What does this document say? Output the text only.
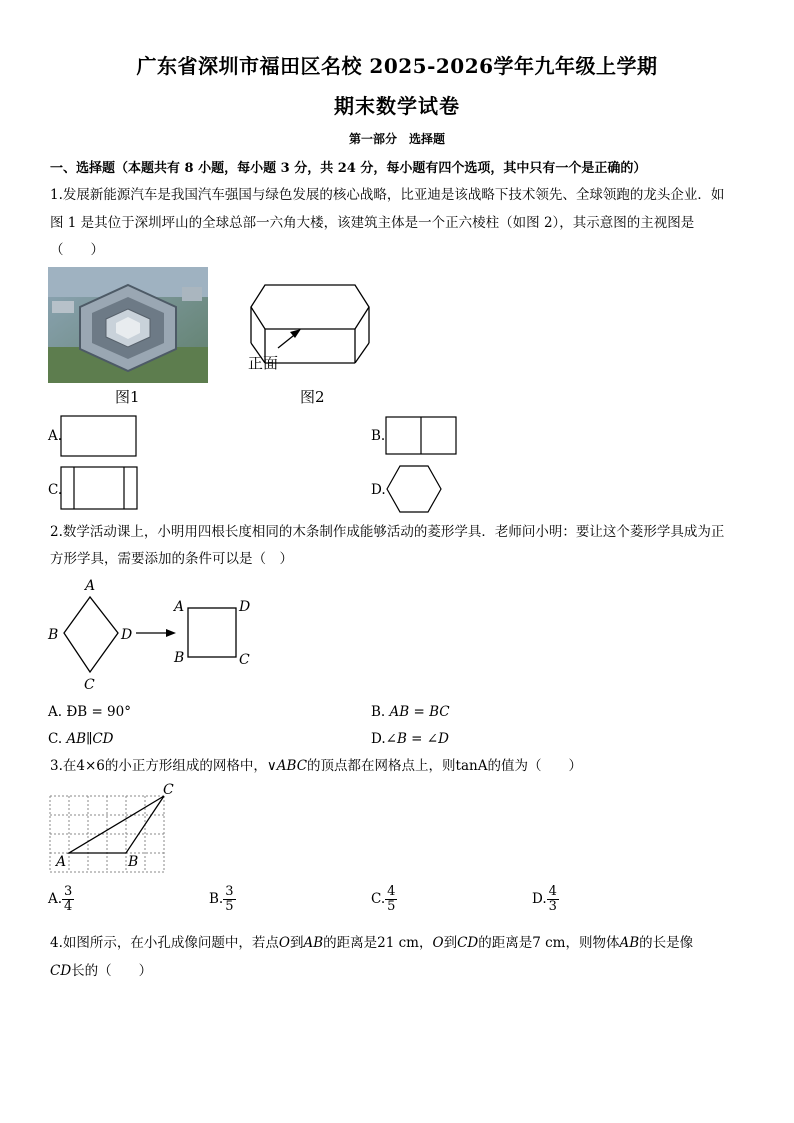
广东省深圳市福田区名校 2025-2026学年九年级上学期
期末数学试卷
第一部分　选择题
一、选择题（本题共有 8 小题，每小题 3 分，共 24 分，每小题有四个选项，其中只有一个是正确的）
1.发展新能源汽车是我国汽车强国与绿色发展的核心战略，比亚迪是该战略下技术领先、全球领跑的龙头企业．如
图 1 是其位于深圳坪山的全球总部一六角大楼，该建筑主体是一个正六棱柱（如图 2），其示意图的主视图是
（　　）
正面
图1	图2
A.	B.
C.	D.
2.数学活动课上，小明用四根长度相同的木条制作成能够活动的菱形学具．老师问小明：要让这个菱形学具成为正
方形学具，需要添加的条件可以是（　）
A
B	D
C
A	D
B	C
A. ÐB = 90°	B. AB = BC
C. AB∥CD	D.∠B = ∠D
3.在4×6的小正方形组成的网格中，∨ABC的顶点都在网格点上，则tanA的值为（　　）
A	B
C
A. $\frac{3}{4}$	B. $\frac{3}{5}$	C. $\frac{4}{5}$	D. $\frac{4}{3}$
4.如图所示，在小孔成像问题中，若点O到AB的距离是21 cm，O到CD的距离是7 cm，则物体AB的长是像
CD长的（　　）
